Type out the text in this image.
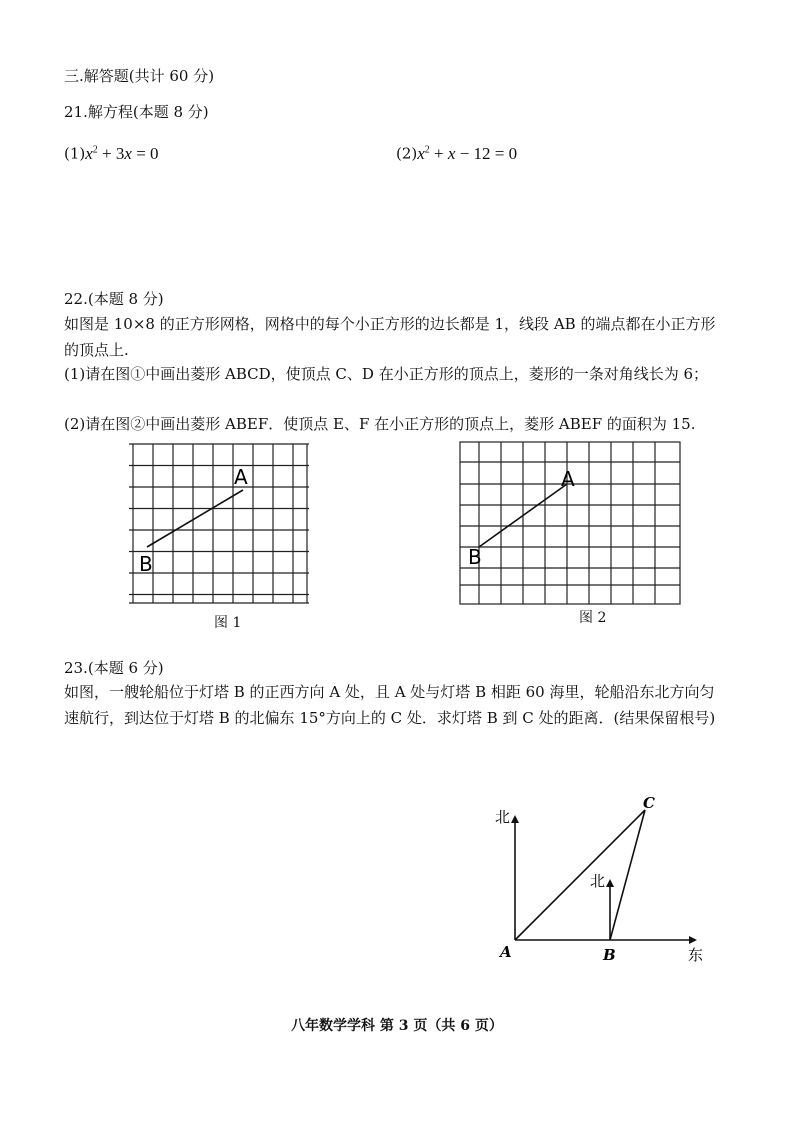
三.解答题(共计 60 分)
21.解方程(本题 8 分)
$(1)x^2 + 3x = 0$	$(2)x^2 + x - 12 = 0$
22.(本题 8 分)
如图是 10×8 的正方形网格，网格中的每个小正方形的边长都是 1，线段 AB 的端点都在小正方形的顶点上.
(1)请在图①中画出菱形 ABCD，使顶点 C、D 在小正方形的顶点上，菱形的一条对角线长为 6；
(2)请在图②中画出菱形 ABEF．使顶点 E、F 在小正方形的顶点上，菱形 ABEF 的面积为 15.
A
B
图 1
A
B
图 2
23.(本题 6 分)
如图，一艘轮船位于灯塔 B 的正西方向 A 处，且 A 处与灯塔 B 相距 60 海里，轮船沿东北方向匀速航行，到达位于灯塔 B 的北偏东 15°方向上的 C 处．求灯塔 B 到 C 处的距离．(结果保留根号)
北
北
东
A	B
C
八年数学学科 第 3 页（共 6 页）
